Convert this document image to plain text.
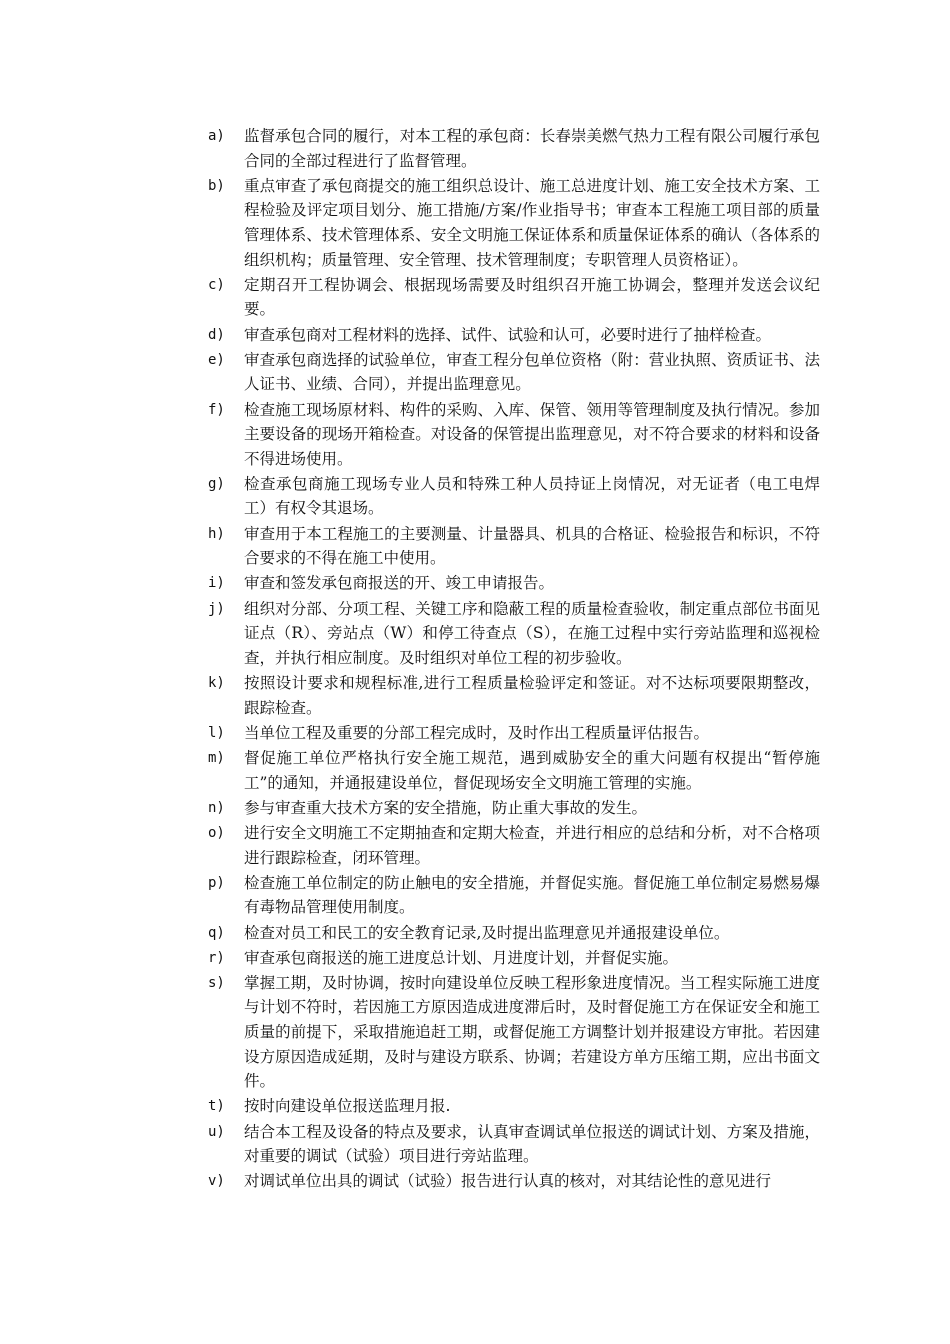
a)	监督承包合同的履行，对本工程的承包商：长春崇美燃气热力工程有限公司履行承包合同的全部过程进行了监督管理。
b)	重点审查了承包商提交的施工组织总设计、施工总进度计划、施工安全技术方案、工程检验及评定项目划分、施工措施/方案/作业指导书；审查本工程施工项目部的质量管理体系、技术管理体系、安全文明施工保证体系和质量保证体系的确认（各体系的组织机构；质量管理、安全管理、技术管理制度；专职管理人员资格证）。
c)	定期召开工程协调会、根据现场需要及时组织召开施工协调会，整理并发送会议纪要。
d)	审查承包商对工程材料的选择、试件、试验和认可，必要时进行了抽样检查。
e)	审查承包商选择的试验单位，审查工程分包单位资格（附：营业执照、资质证书、法人证书、业绩、合同），并提出监理意见。
f)	检查施工现场原材料、构件的采购、入库、保管、领用等管理制度及执行情况。参加主要设备的现场开箱检查。对设备的保管提出监理意见，对不符合要求的材料和设备不得进场使用。
g)	检查承包商施工现场专业人员和特殊工种人员持证上岗情况，对无证者（电工电焊工）有权令其退场。
h)	审查用于本工程施工的主要测量、计量器具、机具的合格证、检验报告和标识，不符合要求的不得在施工中使用。
i)	审查和签发承包商报送的开、竣工申请报告。
j)	组织对分部、分项工程、关键工序和隐蔽工程的质量检查验收，制定重点部位书面见证点（R）、旁站点（W）和停工待查点（S），在施工过程中实行旁站监理和巡视检查，并执行相应制度。及时组织对单位工程的初步验收。
k)	按照设计要求和规程标准,进行工程质量检验评定和签证。对不达标项要限期整改，跟踪检查。
l)	当单位工程及重要的分部工程完成时，及时作出工程质量评估报告。
m)	督促施工单位严格执行安全施工规范，遇到威胁安全的重大问题有权提出“暂停施工”的通知，并通报建设单位，督促现场安全文明施工管理的实施。
n)	参与审查重大技术方案的安全措施，防止重大事故的发生。
o)	进行安全文明施工不定期抽查和定期大检查，并进行相应的总结和分析，对不合格项进行跟踪检查，闭环管理。
p)	检查施工单位制定的防止触电的安全措施，并督促实施。督促施工单位制定易燃易爆有毒物品管理使用制度。
q)	检查对员工和民工的安全教育记录,及时提出监理意见并通报建设单位。
r)	审查承包商报送的施工进度总计划、月进度计划，并督促实施。
s)	掌握工期，及时协调，按时向建设单位反映工程形象进度情况。当工程实际施工进度与计划不符时，若因施工方原因造成进度滞后时，及时督促施工方在保证安全和施工质量的前提下，采取措施追赶工期，或督促施工方调整计划并报建设方审批。若因建设方原因造成延期，及时与建设方联系、协调；若建设方单方压缩工期，应出书面文件。
t)	按时向建设单位报送监理月报.
u)	结合本工程及设备的特点及要求，认真审查调试单位报送的调试计划、方案及措施，对重要的调试（试验）项目进行旁站监理。
v)	对调试单位出具的调试（试验）报告进行认真的核对，对其结论性的意见进行
